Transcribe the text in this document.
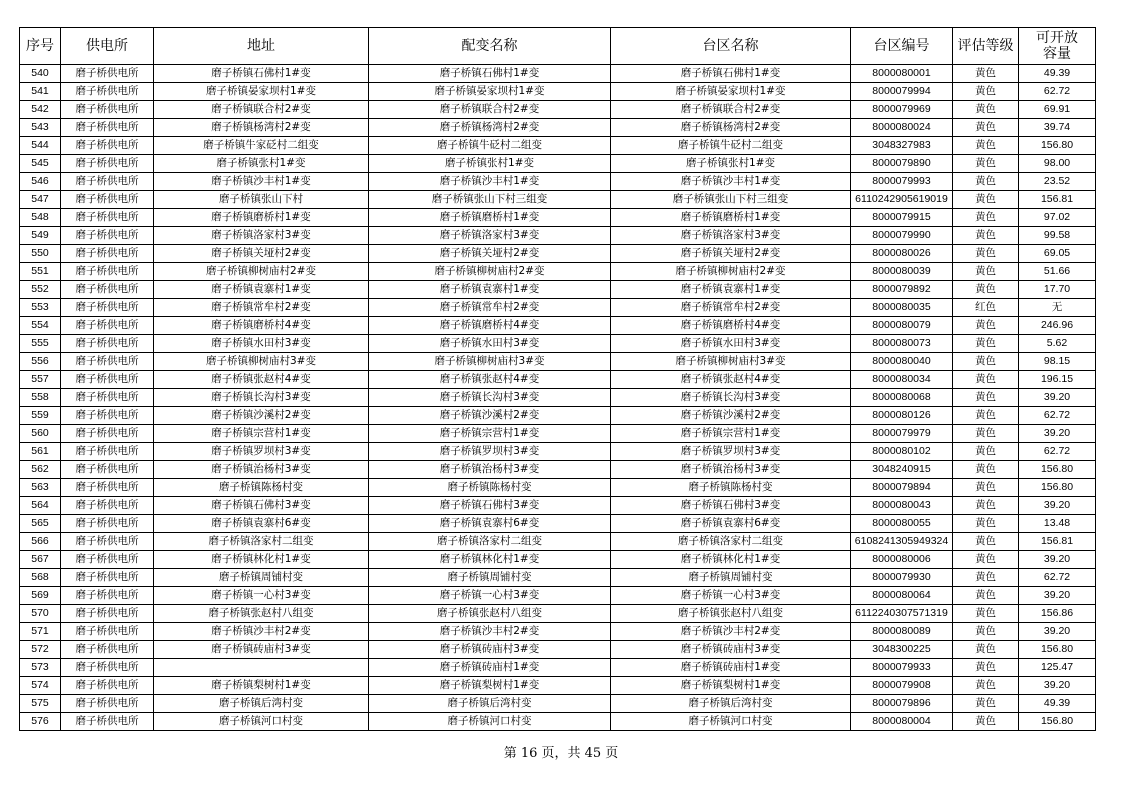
序号	供电所	地址	配变名称	台区名称	台区编号	评估等级	可开放
容量

540	磨子桥供电所	磨子桥镇石佛村1#变	磨子桥镇石佛村1#变	磨子桥镇石佛村1#变	8000080001	黄色	49.39
541	磨子桥供电所	磨子桥镇晏家坝村1#变	磨子桥镇晏家坝村1#变	磨子桥镇晏家坝村1#变	8000079994	黄色	62.72
542	磨子桥供电所	磨子桥镇联合村2#变	磨子桥镇联合村2#变	磨子桥镇联合村2#变	8000079969	黄色	69.91
543	磨子桥供电所	磨子桥镇杨湾村2#变	磨子桥镇杨湾村2#变	磨子桥镇杨湾村2#变	8000080024	黄色	39.74
544	磨子桥供电所	磨子桥镇牛家砭村二组变	磨子桥镇牛砭村二组变	磨子桥镇牛砭村二组变	3048327983	黄色	156.80
545	磨子桥供电所	磨子桥镇张村1#变	磨子桥镇张村1#变	磨子桥镇张村1#变	8000079890	黄色	98.00
546	磨子桥供电所	磨子桥镇沙丰村1#变	磨子桥镇沙丰村1#变	磨子桥镇沙丰村1#变	8000079993	黄色	23.52
547	磨子桥供电所	磨子桥镇张山下村	磨子桥镇张山下村三组变	磨子桥镇张山下村三组变	6110242905619019	黄色	156.81
548	磨子桥供电所	磨子桥镇磨桥村1#变	磨子桥镇磨桥村1#变	磨子桥镇磨桥村1#变	8000079915	黄色	97.02
549	磨子桥供电所	磨子桥镇洛家村3#变	磨子桥镇洛家村3#变	磨子桥镇洛家村3#变	8000079990	黄色	99.58
550	磨子桥供电所	磨子桥镇关垭村2#变	磨子桥镇关垭村2#变	磨子桥镇关垭村2#变	8000080026	黄色	69.05
551	磨子桥供电所	磨子桥镇柳树庙村2#变	磨子桥镇柳树庙村2#变	磨子桥镇柳树庙村2#变	8000080039	黄色	51.66
552	磨子桥供电所	磨子桥镇袁寨村1#变	磨子桥镇袁寨村1#变	磨子桥镇袁寨村1#变	8000079892	黄色	17.70
553	磨子桥供电所	磨子桥镇常牟村2#变	磨子桥镇常牟村2#变	磨子桥镇常牟村2#变	8000080035	红色	无
554	磨子桥供电所	磨子桥镇磨桥村4#变	磨子桥镇磨桥村4#变	磨子桥镇磨桥村4#变	8000080079	黄色	246.96
555	磨子桥供电所	磨子桥镇水田村3#变	磨子桥镇水田村3#变	磨子桥镇水田村3#变	8000080073	黄色	5.62
556	磨子桥供电所	磨子桥镇柳树庙村3#变	磨子桥镇柳树庙村3#变	磨子桥镇柳树庙村3#变	8000080040	黄色	98.15
557	磨子桥供电所	磨子桥镇张赵村4#变	磨子桥镇张赵村4#变	磨子桥镇张赵村4#变	8000080034	黄色	196.15
558	磨子桥供电所	磨子桥镇长沟村3#变	磨子桥镇长沟村3#变	磨子桥镇长沟村3#变	8000080068	黄色	39.20
559	磨子桥供电所	磨子桥镇沙溪村2#变	磨子桥镇沙溪村2#变	磨子桥镇沙溪村2#变	8000080126	黄色	62.72
560	磨子桥供电所	磨子桥镇宗营村1#变	磨子桥镇宗营村1#变	磨子桥镇宗营村1#变	8000079979	黄色	39.20
561	磨子桥供电所	磨子桥镇罗坝村3#变	磨子桥镇罗坝村3#变	磨子桥镇罗坝村3#变	8000080102	黄色	62.72
562	磨子桥供电所	磨子桥镇治杨村3#变	磨子桥镇治杨村3#变	磨子桥镇治杨村3#变	3048240915	黄色	156.80
563	磨子桥供电所	磨子桥镇陈杨村变	磨子桥镇陈杨村变	磨子桥镇陈杨村变	8000079894	黄色	156.80
564	磨子桥供电所	磨子桥镇石佛村3#变	磨子桥镇石佛村3#变	磨子桥镇石佛村3#变	8000080043	黄色	39.20
565	磨子桥供电所	磨子桥镇袁寨村6#变	磨子桥镇袁寨村6#变	磨子桥镇袁寨村6#变	8000080055	黄色	13.48
566	磨子桥供电所	磨子桥镇洛家村二组变	磨子桥镇洛家村二组变	磨子桥镇洛家村二组变	6108241305949324	黄色	156.81
567	磨子桥供电所	磨子桥镇林化村1#变	磨子桥镇林化村1#变	磨子桥镇林化村1#变	8000080006	黄色	39.20
568	磨子桥供电所	磨子桥镇周铺村变	磨子桥镇周铺村变	磨子桥镇周铺村变	8000079930	黄色	62.72
569	磨子桥供电所	磨子桥镇一心村3#变	磨子桥镇一心村3#变	磨子桥镇一心村3#变	8000080064	黄色	39.20
570	磨子桥供电所	磨子桥镇张赵村八组变	磨子桥镇张赵村八组变	磨子桥镇张赵村八组变	6112240307571319	黄色	156.86
571	磨子桥供电所	磨子桥镇沙丰村2#变	磨子桥镇沙丰村2#变	磨子桥镇沙丰村2#变	8000080089	黄色	39.20
572	磨子桥供电所	磨子桥镇砖庙村3#变	磨子桥镇砖庙村3#变	磨子桥镇砖庙村3#变	3048300225	黄色	156.80
573	磨子桥供电所		磨子桥镇砖庙村1#变	磨子桥镇砖庙村1#变	8000079933	黄色	125.47
574	磨子桥供电所	磨子桥镇梨树村1#变	磨子桥镇梨树村1#变	磨子桥镇梨树村1#变	8000079908	黄色	39.20
575	磨子桥供电所	磨子桥镇后湾村变	磨子桥镇后湾村变	磨子桥镇后湾村变	8000079896	黄色	49.39
576	磨子桥供电所	磨子桥镇河口村变	磨子桥镇河口村变	磨子桥镇河口村变	8000080004	黄色	156.80
第 16 页，共 45 页
